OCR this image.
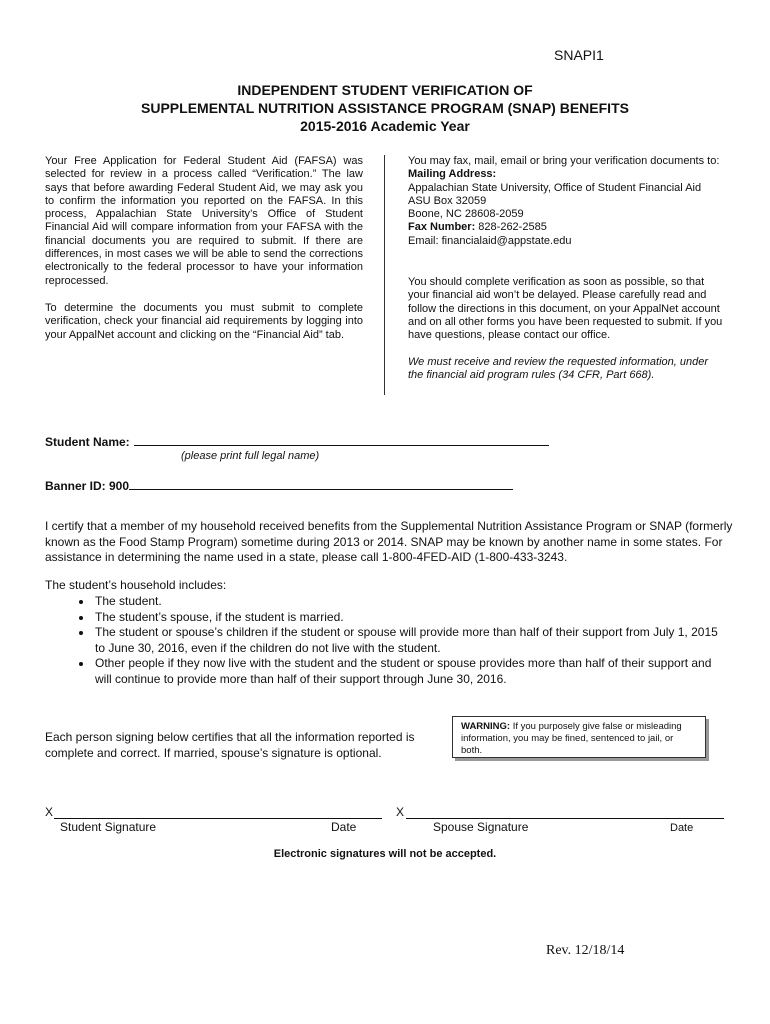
SNAPI1
INDEPENDENT STUDENT VERIFICATION OF
SUPPLEMENTAL NUTRITION ASSISTANCE PROGRAM (SNAP) BENEFITS
2015-2016 Academic Year
Your Free Application for Federal Student Aid (FAFSA) was selected for review in a process called “Verification.” The law says that before awarding Federal Student Aid, we may ask you to confirm the information you reported on the FAFSA. In this process, Appalachian State University’s Office of Student Financial Aid will compare information from your FAFSA with the financial documents you are required to submit. If there are differences, in most cases we will be able to send the corrections electronically to the federal processor to have your information reprocessed.
To determine the documents you must submit to complete verification, check your financial aid requirements by logging into your AppalNet account and clicking on the “Financial Aid” tab.
You may fax, mail, email or bring your verification documents to:
Mailing Address:
Appalachian State University, Office of Student Financial Aid
ASU Box 32059
Boone, NC 28608-2059
Fax Number: 828-262-2585
Email: financialaid@appstate.edu
You should complete verification as soon as possible, so that your financial aid won’t be delayed. Please carefully read and follow the directions in this document, on your AppalNet account and on all other forms you have been requested to submit. If you have questions, please contact our office.
We must receive and review the requested information, under the financial aid program rules (34 CFR, Part 668).
Student Name:
(please print full legal name)
Banner ID: 900
I certify that a member of my household received benefits from the Supplemental Nutrition Assistance Program or SNAP (formerly known as the Food Stamp Program) sometime during 2013 or 2014. SNAP may be known by another name in some states. For assistance in determining the name used in a state, please call 1-800-4FED-AID (1-800-433-3243.
The student’s household includes:
• The student.
• The student’s spouse, if the student is married.
• The student or spouse’s children if the student or spouse will provide more than half of their support from July 1, 2015 to June 30, 2016, even if the children do not live with the student.
• Other people if they now live with the student and the student or spouse provides more than half of their support and will continue to provide more than half of their support through June 30, 2016.
Each person signing below certifies that all the information reported is complete and correct. If married, spouse’s signature is optional.
WARNING: If you purposely give false or misleading information, you may be fined, sentenced to jail, or both.
X	X
Student Signature	Date	Spouse Signature	Date
Electronic signatures will not be accepted.
Rev. 12/18/14
